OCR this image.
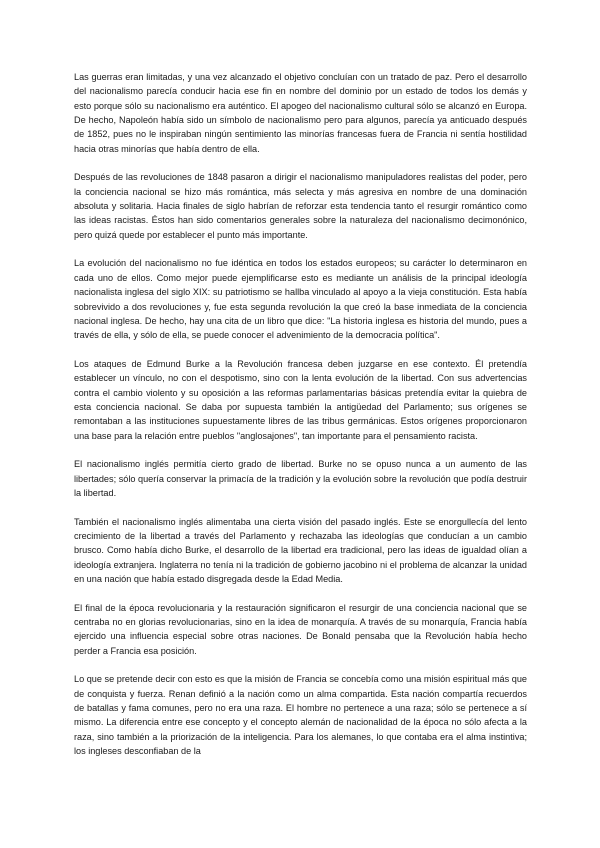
Las guerras eran limitadas, y una vez alcanzado el objetivo concluían con un tratado de paz. Pero el desarrollo del nacionalismo parecía conducir hacia ese fin en nombre del dominio por un estado de todos los demás y esto porque sólo su nacionalismo era auténtico. El apogeo del nacionalismo cultural sólo se alcanzó en Europa. De hecho, Napoleón había sido un símbolo de nacionalismo pero para algunos, parecía ya anticuado después de 1852, pues no le inspiraban ningún sentimiento las minorías francesas fuera de Francia ni sentía hostilidad hacia otras minorías que había dentro de ella.

Después de las revoluciones de 1848 pasaron a dirigir el nacionalismo manipuladores realistas del poder, pero la conciencia nacional se hizo más romántica, más selecta y más agresiva en nombre de una dominación absoluta y solitaria. Hacia finales de siglo habrían de reforzar esta tendencia tanto el resurgir romántico como las ideas racistas. Éstos han sido comentarios generales sobre la naturaleza del nacionalismo decimonónico, pero quizá quede por establecer el punto más importante.

La evolución del nacionalismo no fue idéntica en todos los estados europeos; su carácter lo determinaron en cada uno de ellos. Como mejor puede ejemplificarse esto es mediante un análisis de la principal ideología nacionalista inglesa del siglo XIX: su patriotismo se hallba vinculado al apoyo a la vieja constitución. Esta había sobrevivido a dos revoluciones y, fue esta segunda revolución la que creó la base inmediata de la conciencia nacional inglesa. De hecho, hay una cita de un libro que dice: "La historia inglesa es historia del mundo, pues a través de ella, y sólo de ella, se puede conocer el advenimiento de la democracia política".

Los ataques de Edmund Burke a la Revolución francesa deben juzgarse en ese contexto. Él pretendía establecer un vínculo, no con el despotismo, sino con la lenta evolución de la libertad. Con sus advertencias contra el cambio violento y su oposición a las reformas parlamentarias básicas pretendía evitar la quiebra de esta conciencia nacional. Se daba por supuesta también la antigüedad del Parlamento; sus orígenes se remontaban a las instituciones supuestamente libres de las tribus germánicas. Estos orígenes proporcionaron una base para la relación entre pueblos "anglosajones", tan importante para el pensamiento racista.

El nacionalismo inglés permitía cierto grado de libertad. Burke no se opuso nunca a un aumento de las libertades; sólo quería conservar la primacía de la tradición y la evolución sobre la revolución que podía destruir la libertad.

También el nacionalismo inglés alimentaba una cierta visión del pasado inglés. Este se enorgullecía del lento crecimiento de la libertad a través del Parlamento y rechazaba las ideologías que conducían a un cambio brusco. Como había dicho Burke, el desarrollo de la libertad era tradicional, pero las ideas de igualdad olían a ideología extranjera. Inglaterra no tenía ni la tradición de gobierno jacobino ni el problema de alcanzar la unidad en una nación que había estado disgregada desde la Edad Media.

El final de la época revolucionaria y la restauración significaron el resurgir de una conciencia nacional que se centraba no en glorias revolucionarias, sino en la idea de monarquía. A través de su monarquía, Francia había ejercido una influencia especial sobre otras naciones. De Bonald pensaba que la Revolución había hecho perder a Francia esa posición.

Lo que se pretende decir con esto es que la misión de Francia se concebía como una misión espiritual más que de conquista y fuerza. Renan definió a la nación como un alma compartida. Esta nación compartía recuerdos de batallas y fama comunes, pero no era una raza. El hombre no pertenece a una raza; sólo se pertenece a sí mismo. La diferencia entre ese concepto y el concepto alemán de nacionalidad de la época no sólo afecta a la raza, sino también a la priorización de la inteligencia. Para los alemanes, lo que contaba era el alma instintiva; los ingleses desconfiaban de la
